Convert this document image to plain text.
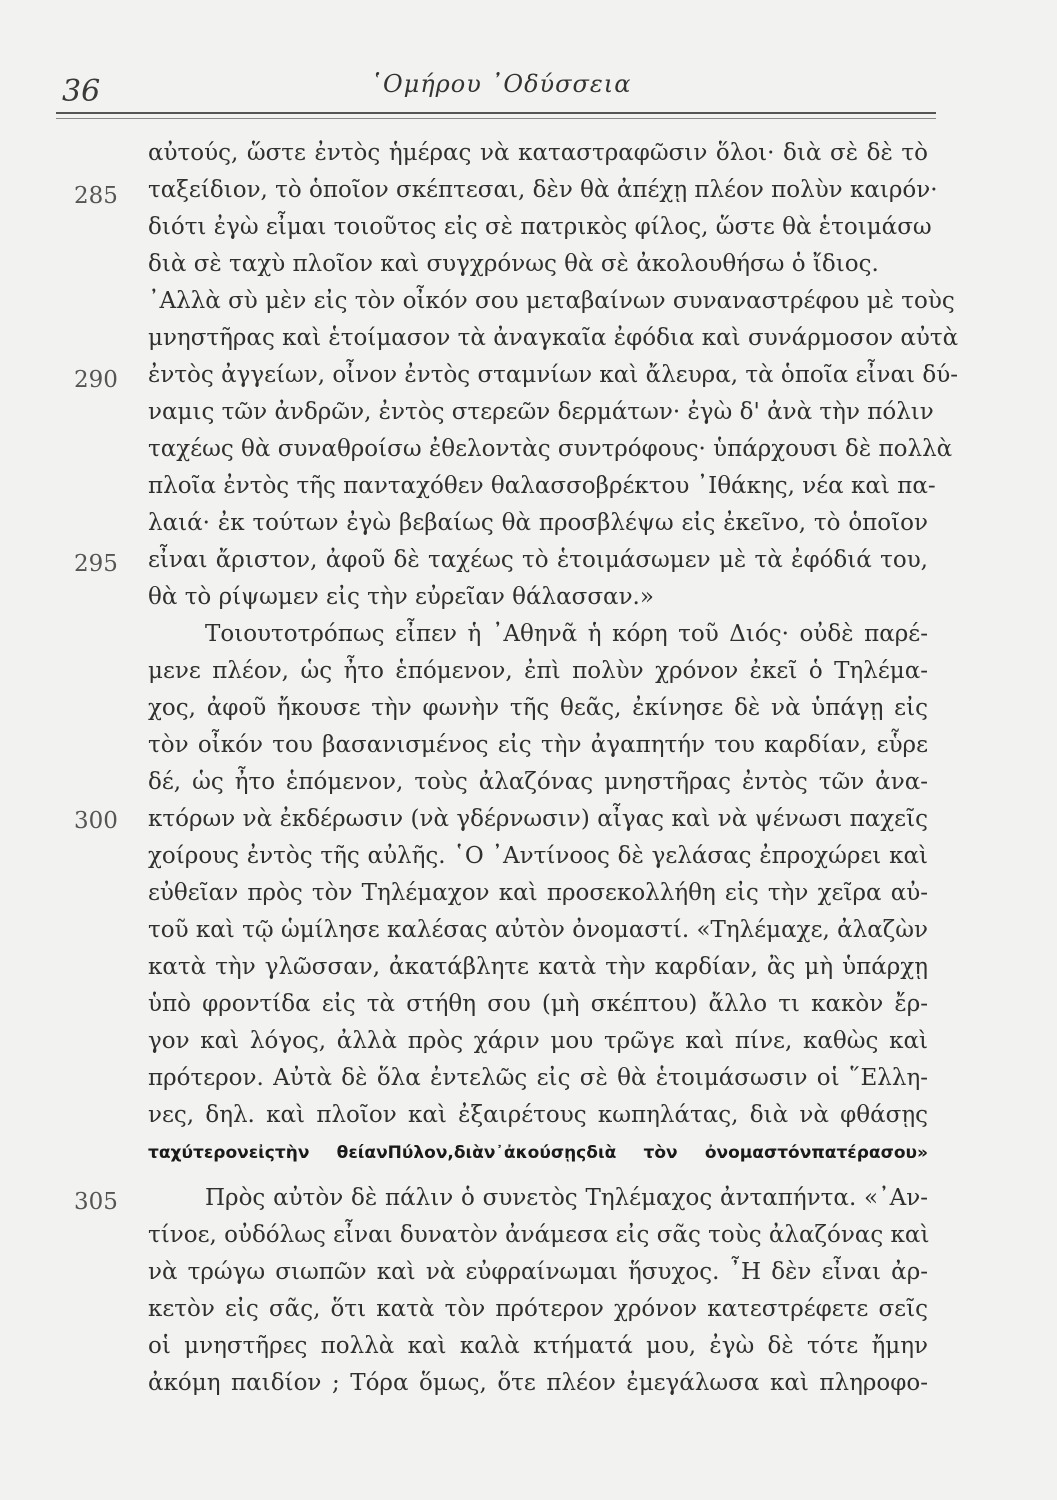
36	῾Ομήρου ᾿Οδύσσεια
285
290
295
300
305
αὐτούς, ὥστε ἐντὸς ἡμέρας νὰ καταστραφῶσιν ὅλοι· διὰ σὲ δὲ τὸ
ταξείδιον, τὸ ὁποῖον σκέπτεσαι, δὲν θὰ ἀπέχῃ πλέον πολὺν καιρόν·
διότι ἐγὼ εἶμαι τοιοῦτος εἰς σὲ πατρικὸς φίλος, ὥστε θὰ ἑτοιμάσω
διὰ σὲ ταχὺ πλοῖον καὶ συγχρόνως θὰ σὲ ἀκολουθήσω ὁ ἴδιος.
᾿Αλλὰ σὺ μὲν εἰς τὸν οἶκόν σου μεταβαίνων συναναστρέφου μὲ τοὺς
μνηστῆρας καὶ ἑτοίμασον τὰ ἀναγκαῖα ἐφόδια καὶ συνάρμοσον αὐτὰ
ἐντὸς ἀγγείων, οἶνον ἐντὸς σταμνίων καὶ ἄλευρα, τὰ ὁποῖα εἶναι δύ-
ναμις τῶν ἀνδρῶν, ἐντὸς στερεῶν δερμάτων· ἐγὼ δ' ἀνὰ τὴν πόλιν
ταχέως θὰ συναθροίσω ἐθελοντὰς συντρόφους· ὑπάρχουσι δὲ πολλὰ
πλοῖα ἐντὸς τῆς πανταχόθεν θαλασσοβρέκτου ᾿Ιθάκης, νέα καὶ πα-
λαιά· ἐκ τούτων ἐγὼ βεβαίως θὰ προσβλέψω εἰς ἐκεῖνο, τὸ ὁποῖον
εἶναι ἄριστον, ἀφοῦ δὲ ταχέως τὸ ἑτοιμάσωμεν μὲ τὰ ἐφόδιά του,
θὰ τὸ ρίψωμεν εἰς τὴν εὐρεῖαν θάλασσαν.»
Τοιουτοτρόπως εἶπεν ἡ ᾿Αθηνᾶ ἡ κόρη τοῦ Διός· οὐδὲ παρέ-
μενε πλέον, ὡς ἦτο ἑπόμενον, ἐπὶ πολὺν χρόνον ἐκεῖ ὁ Τηλέμα-
χος, ἀφοῦ ἤκουσε τὴν φωνὴν τῆς θεᾶς, ἐκίνησε δὲ νὰ ὑπάγῃ εἰς
τὸν οἶκόν του βασανισμένος εἰς τὴν ἀγαπητήν του καρδίαν, εὗρε
δέ, ὡς ἦτο ἑπόμενον, τοὺς ἀλαζόνας μνηστῆρας ἐντὸς τῶν ἀνα-
κτόρων νὰ ἐκδέρωσιν (νὰ γδέρνωσιν) αἶγας καὶ νὰ ψένωσι παχεῖς
χοίρους ἐντὸς τῆς αὐλῆς. ῾Ο ᾿Αντίνοος δὲ γελάσας ἐπροχώρει καὶ
εὐθεῖαν πρὸς τὸν Τηλέμαχον καὶ προσεκολλήθη εἰς τὴν χεῖρα αὐ-
τοῦ καὶ τῷ ὡμίλησε καλέσας αὐτὸν ὀνομαστί. «Τηλέμαχε, ἀλαζὼν
κατὰ τὴν γλῶσσαν, ἀκατάβλητε κατὰ τὴν καρδίαν, ἂς μὴ ὑπάρχῃ
ὑπὸ φροντίδα εἰς τὰ στήθη σου (μὴ σκέπτου) ἄλλο τι κακὸν ἔρ-
γον καὶ λόγος, ἀλλὰ πρὸς χάριν μου τρῶγε καὶ πίνε, καθὼς καὶ
πρότερον. Αὐτὰ δὲ ὅλα ἐντελῶς εἰς σὲ θὰ ἑτοιμάσωσιν οἱ ῞Ελλη-
νες, δηλ. καὶ πλοῖον καὶ ἐξαιρέτους κωπηλάτας, διὰ νὰ φθάσῃς
ταχύτερονεἰςτὴν θείανΠύλον,διὰν᾿ἀκούσῃςδιὰ τὸν ὀνομαστόνπατέρασου»
Πρὸς αὐτὸν δὲ πάλιν ὁ συνετὸς Τηλέμαχος ἀνταπήντα. «᾿Αν-
τίνοε, οὐδόλως εἶναι δυνατὸν ἀνάμεσα εἰς σᾶς τοὺς ἀλαζόνας καὶ
νὰ τρώγω σιωπῶν καὶ νὰ εὐφραίνωμαι ἥσυχος. ῏Η δὲν εἶναι ἀρ-
κετὸν εἰς σᾶς, ὅτι κατὰ τὸν πρότερον χρόνον κατεστρέφετε σεῖς
οἱ μνηστῆρες πολλὰ καὶ καλὰ κτήματά μου, ἐγὼ δὲ τότε ἤμην
ἀκόμη παιδίον ; Τόρα ὅμως, ὅτε πλέον ἐμεγάλωσα καὶ πληροφο-
